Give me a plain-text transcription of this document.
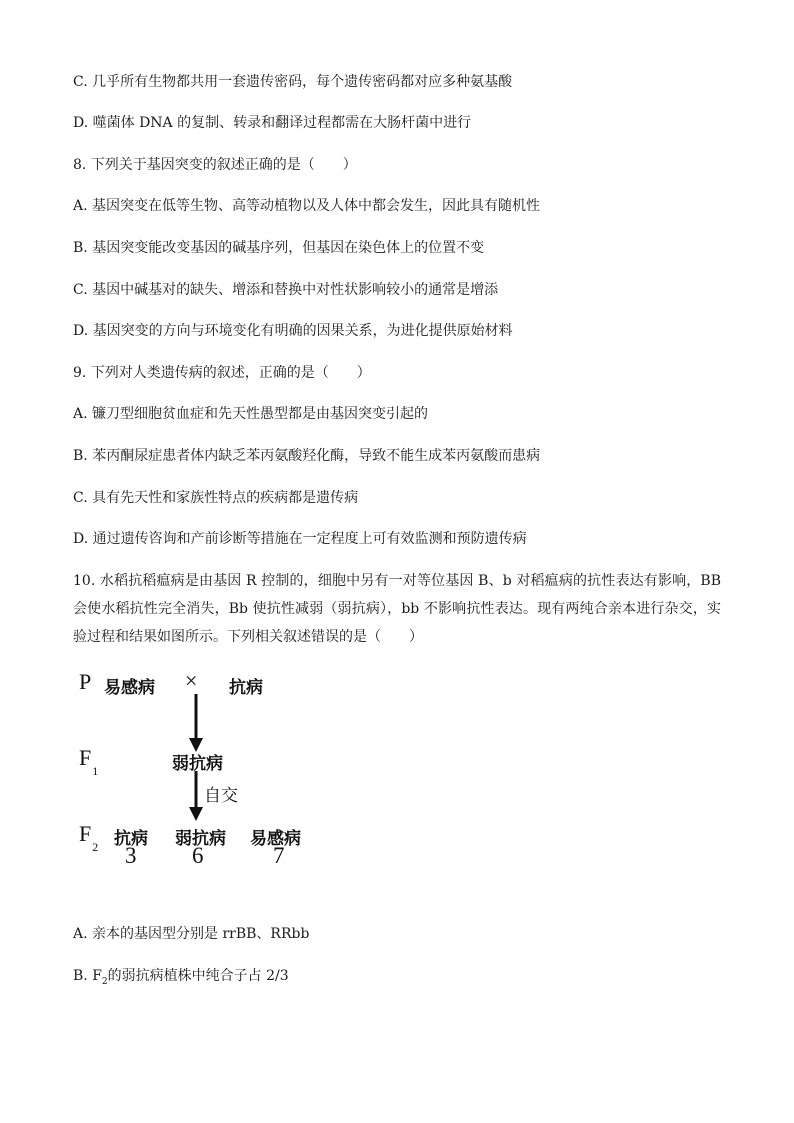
C. 几乎所有生物都共用一套遗传密码，每个遗传密码都对应多种氨基酸
D. 噬菌体 DNA 的复制、转录和翻译过程都需在大肠杆菌中进行
8. 下列关于基因突变的叙述正确的是（　　）
A. 基因突变在低等生物、高等动植物以及人体中都会发生，因此具有随机性
B. 基因突变能改变基因的碱基序列，但基因在染色体上的位置不变
C. 基因中碱基对的缺失、增添和替换中对性状影响较小的通常是增添
D. 基因突变的方向与环境变化有明确的因果关系，为进化提供原始材料
9. 下列对人类遗传病的叙述，正确的是（　　）
A. 镰刀型细胞贫血症和先天性愚型都是由基因突变引起的
B. 苯丙酮尿症患者体内缺乏苯丙氨酸羟化酶，导致不能生成苯丙氨酸而患病
C. 具有先天性和家族性特点的疾病都是遗传病
D. 通过遗传咨询和产前诊断等措施在一定程度上可有效监测和预防遗传病
10. 水稻抗稻瘟病是由基因 R 控制的，细胞中另有一对等位基因 B、b 对稻瘟病的抗性表达有影响，BB 会使水稻抗性完全消失，Bb 使抗性减弱（弱抗病），bb 不影响抗性表达。现有两纯合亲本进行杂交，实验过程和结果如图所示。下列相关叙述错误的是（　　）
P 易感病 × 抗病
$F_1$	弱抗病
自交
$F_2$ 抗病 弱抗病 易感病
3 6	7
A. 亲本的基因型分别是 rrBB、RRbb
B. $F_2$的弱抗病植株中纯合子占 2/3
